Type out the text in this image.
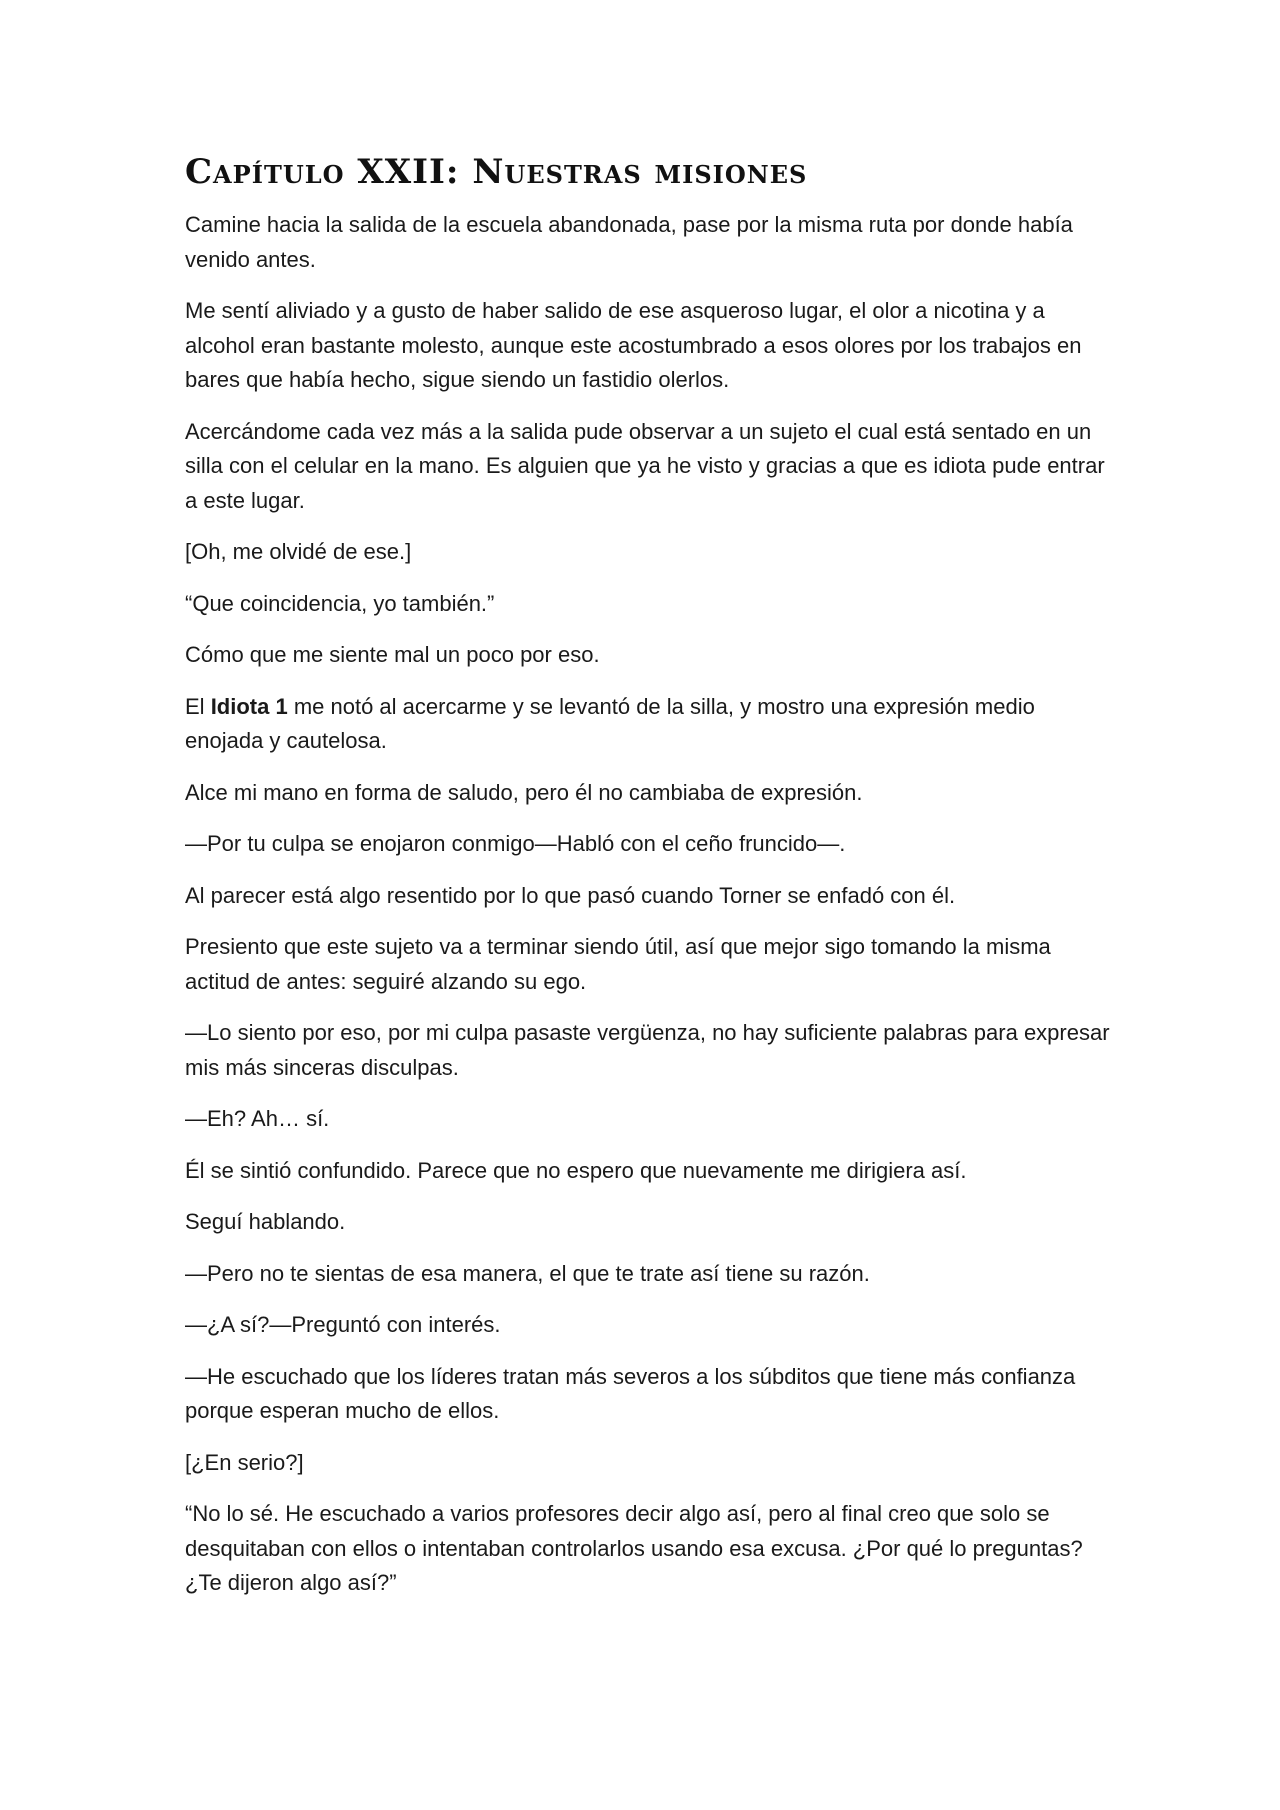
Capítulo XXII: Nuestras misiones

Camine hacia la salida de la escuela abandonada, pase por la misma ruta por donde había venido antes.

Me sentí aliviado y a gusto de haber salido de ese asqueroso lugar, el olor a nicotina y a alcohol eran bastante molesto, aunque este acostumbrado a esos olores por los trabajos en bares que había hecho, sigue siendo un fastidio olerlos.

Acercándome cada vez más a la salida pude observar a un sujeto el cual está sentado en un silla con el celular en la mano. Es alguien que ya he visto y gracias a que es idiota pude entrar a este lugar.

[Oh, me olvidé de ese.]

“Que coincidencia, yo también.”

Cómo que me siente mal un poco por eso.

El Idiota 1 me notó al acercarme y se levantó de la silla, y mostro una expresión medio enojada y cautelosa.

Alce mi mano en forma de saludo, pero él no cambiaba de expresión.

—Por tu culpa se enojaron conmigo—Habló con el ceño fruncido—.

Al parecer está algo resentido por lo que pasó cuando Torner se enfadó con él.

Presiento que este sujeto va a terminar siendo útil, así que mejor sigo tomando la misma actitud de antes: seguiré alzando su ego.

—Lo siento por eso, por mi culpa pasaste vergüenza, no hay suficiente palabras para expresar mis más sinceras disculpas.

—Eh? Ah… sí.

Él se sintió confundido. Parece que no espero que nuevamente me dirigiera así.

Seguí hablando.

—Pero no te sientas de esa manera, el que te trate así tiene su razón.

—¿A sí?—Preguntó con interés.

—He escuchado que los líderes tratan más severos a los súbditos que tiene más confianza porque esperan mucho de ellos.

[¿En serio?]

“No lo sé. He escuchado a varios profesores decir algo así, pero al final creo que solo se desquitaban con ellos o intentaban controlarlos usando esa excusa. ¿Por qué lo preguntas? ¿Te dijeron algo así?”
